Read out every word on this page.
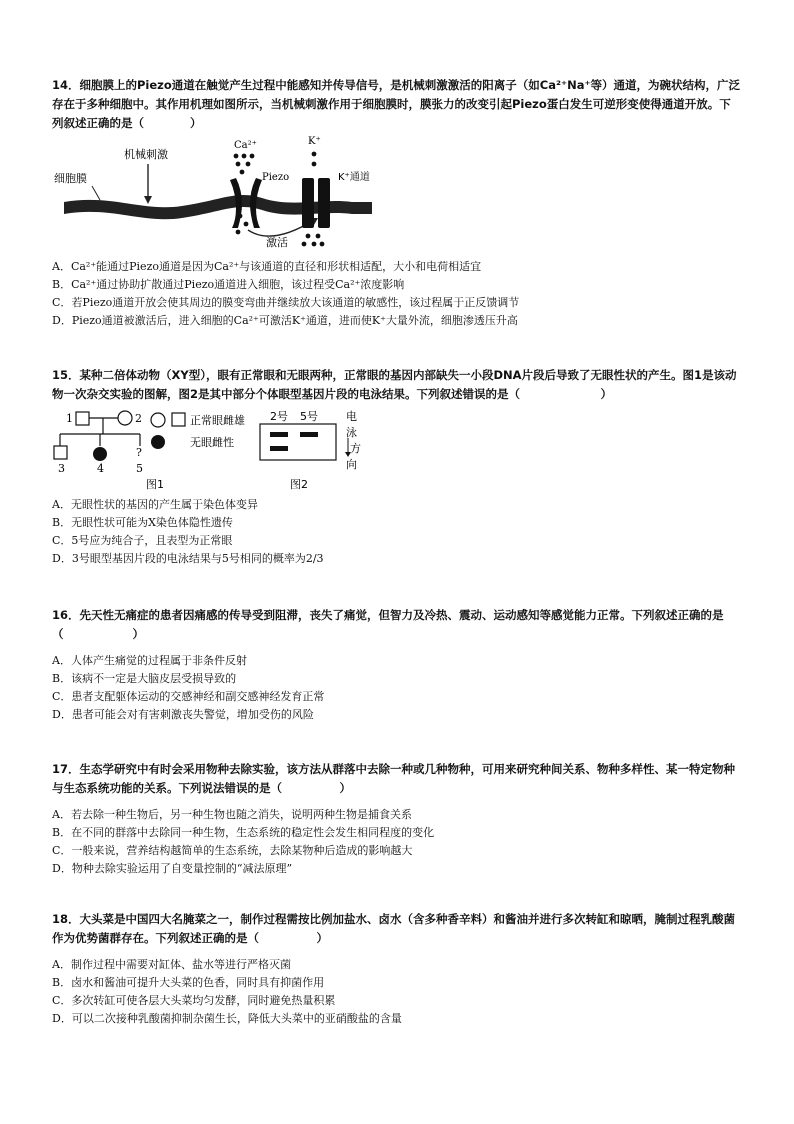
14．细胞膜上的Piezo通道在触觉产生过程中能感知并传导信号，是机械刺激激活的阳离子（如Ca²⁺Na⁺等）通道，为碗状结构，广泛存在于多种细胞中。其作用机理如图所示，当机械刺激作用于细胞膜时，膜张力的改变引起Piezo蛋白发生可逆形变使得通道开放。下列叙述正确的是（　　　　）

细胞膜
机械刺激
Ca²⁺
Piezo
激活
K⁺
K⁺通道

A．Ca²⁺能通过Piezo通道是因为Ca²⁺与该通道的直径和形状相适配，大小和电荷相适宜

B．Ca²⁺通过协助扩散通过Piezo通道进入细胞，该过程受Ca²⁺浓度影响

C．若Piezo通道开放会使其周边的膜变弯曲并继续放大该通道的敏感性，该过程属于正反馈调节

D．Piezo通道被激活后，进入细胞的Ca²⁺可激活K⁺通道，进而使K⁺大量外流，细胞渗透压升高

15．某种二倍体动物（XY型），眼有正常眼和无眼两种，正常眼的基因内部缺失一小段DNA片段后导致了无眼性状的产生。图1是该动物一次杂交实验的图解，图2是其中部分个体眼型基因片段的电泳结果。下列叙述错误的是（　　　　　　　）

1	2
?
3	4	5
图1
正常眼雌雄
无眼雌性
2号 5号
图2
电泳方向

A．无眼性状的基因的产生属于染色体变异

B．无眼性状可能为X染色体隐性遗传

C．5号应为纯合子，且表型为正常眼

D．3号眼型基因片段的电泳结果与5号相同的概率为2/3

16．先天性无痛症的患者因痛感的传导受到阻滞，丧失了痛觉，但智力及冷热、震动、运动感知等感觉能力正常。下列叙述正确的是（　　　　　　）

A．人体产生痛觉的过程属于非条件反射

B．该病不一定是大脑皮层受损导致的

C．患者支配躯体运动的交感神经和副交感神经发育正常

D．患者可能会对有害刺激丧失警觉，增加受伤的风险

17．生态学研究中有时会采用物种去除实验，该方法从群落中去除一种或几种物种，可用来研究种间关系、物种多样性、某一特定物种与生态系统功能的关系。下列说法错误的是（　　　　　）

A．若去除一种生物后，另一种生物也随之消失，说明两种生物是捕食关系

B．在不同的群落中去除同一种生物，生态系统的稳定性会发生相同程度的变化

C．一般来说，营养结构越简单的生态系统，去除某物种后造成的影响越大

D．物种去除实验运用了自变量控制的“减法原理”

18．大头菜是中国四大名腌菜之一，制作过程需按比例加盐水、卤水（含多种香辛料）和酱油并进行多次转缸和晾晒，腌制过程乳酸菌作为优势菌群存在。下列叙述正确的是（　　　　　）

A．制作过程中需要对缸体、盐水等进行严格灭菌

B．卤水和酱油可提升大头菜的色香，同时具有抑菌作用

C．多次转缸可使各层大头菜均匀发酵，同时避免热量积累

D．可以二次接种乳酸菌抑制杂菌生长，降低大头菜中的亚硝酸盐的含量
